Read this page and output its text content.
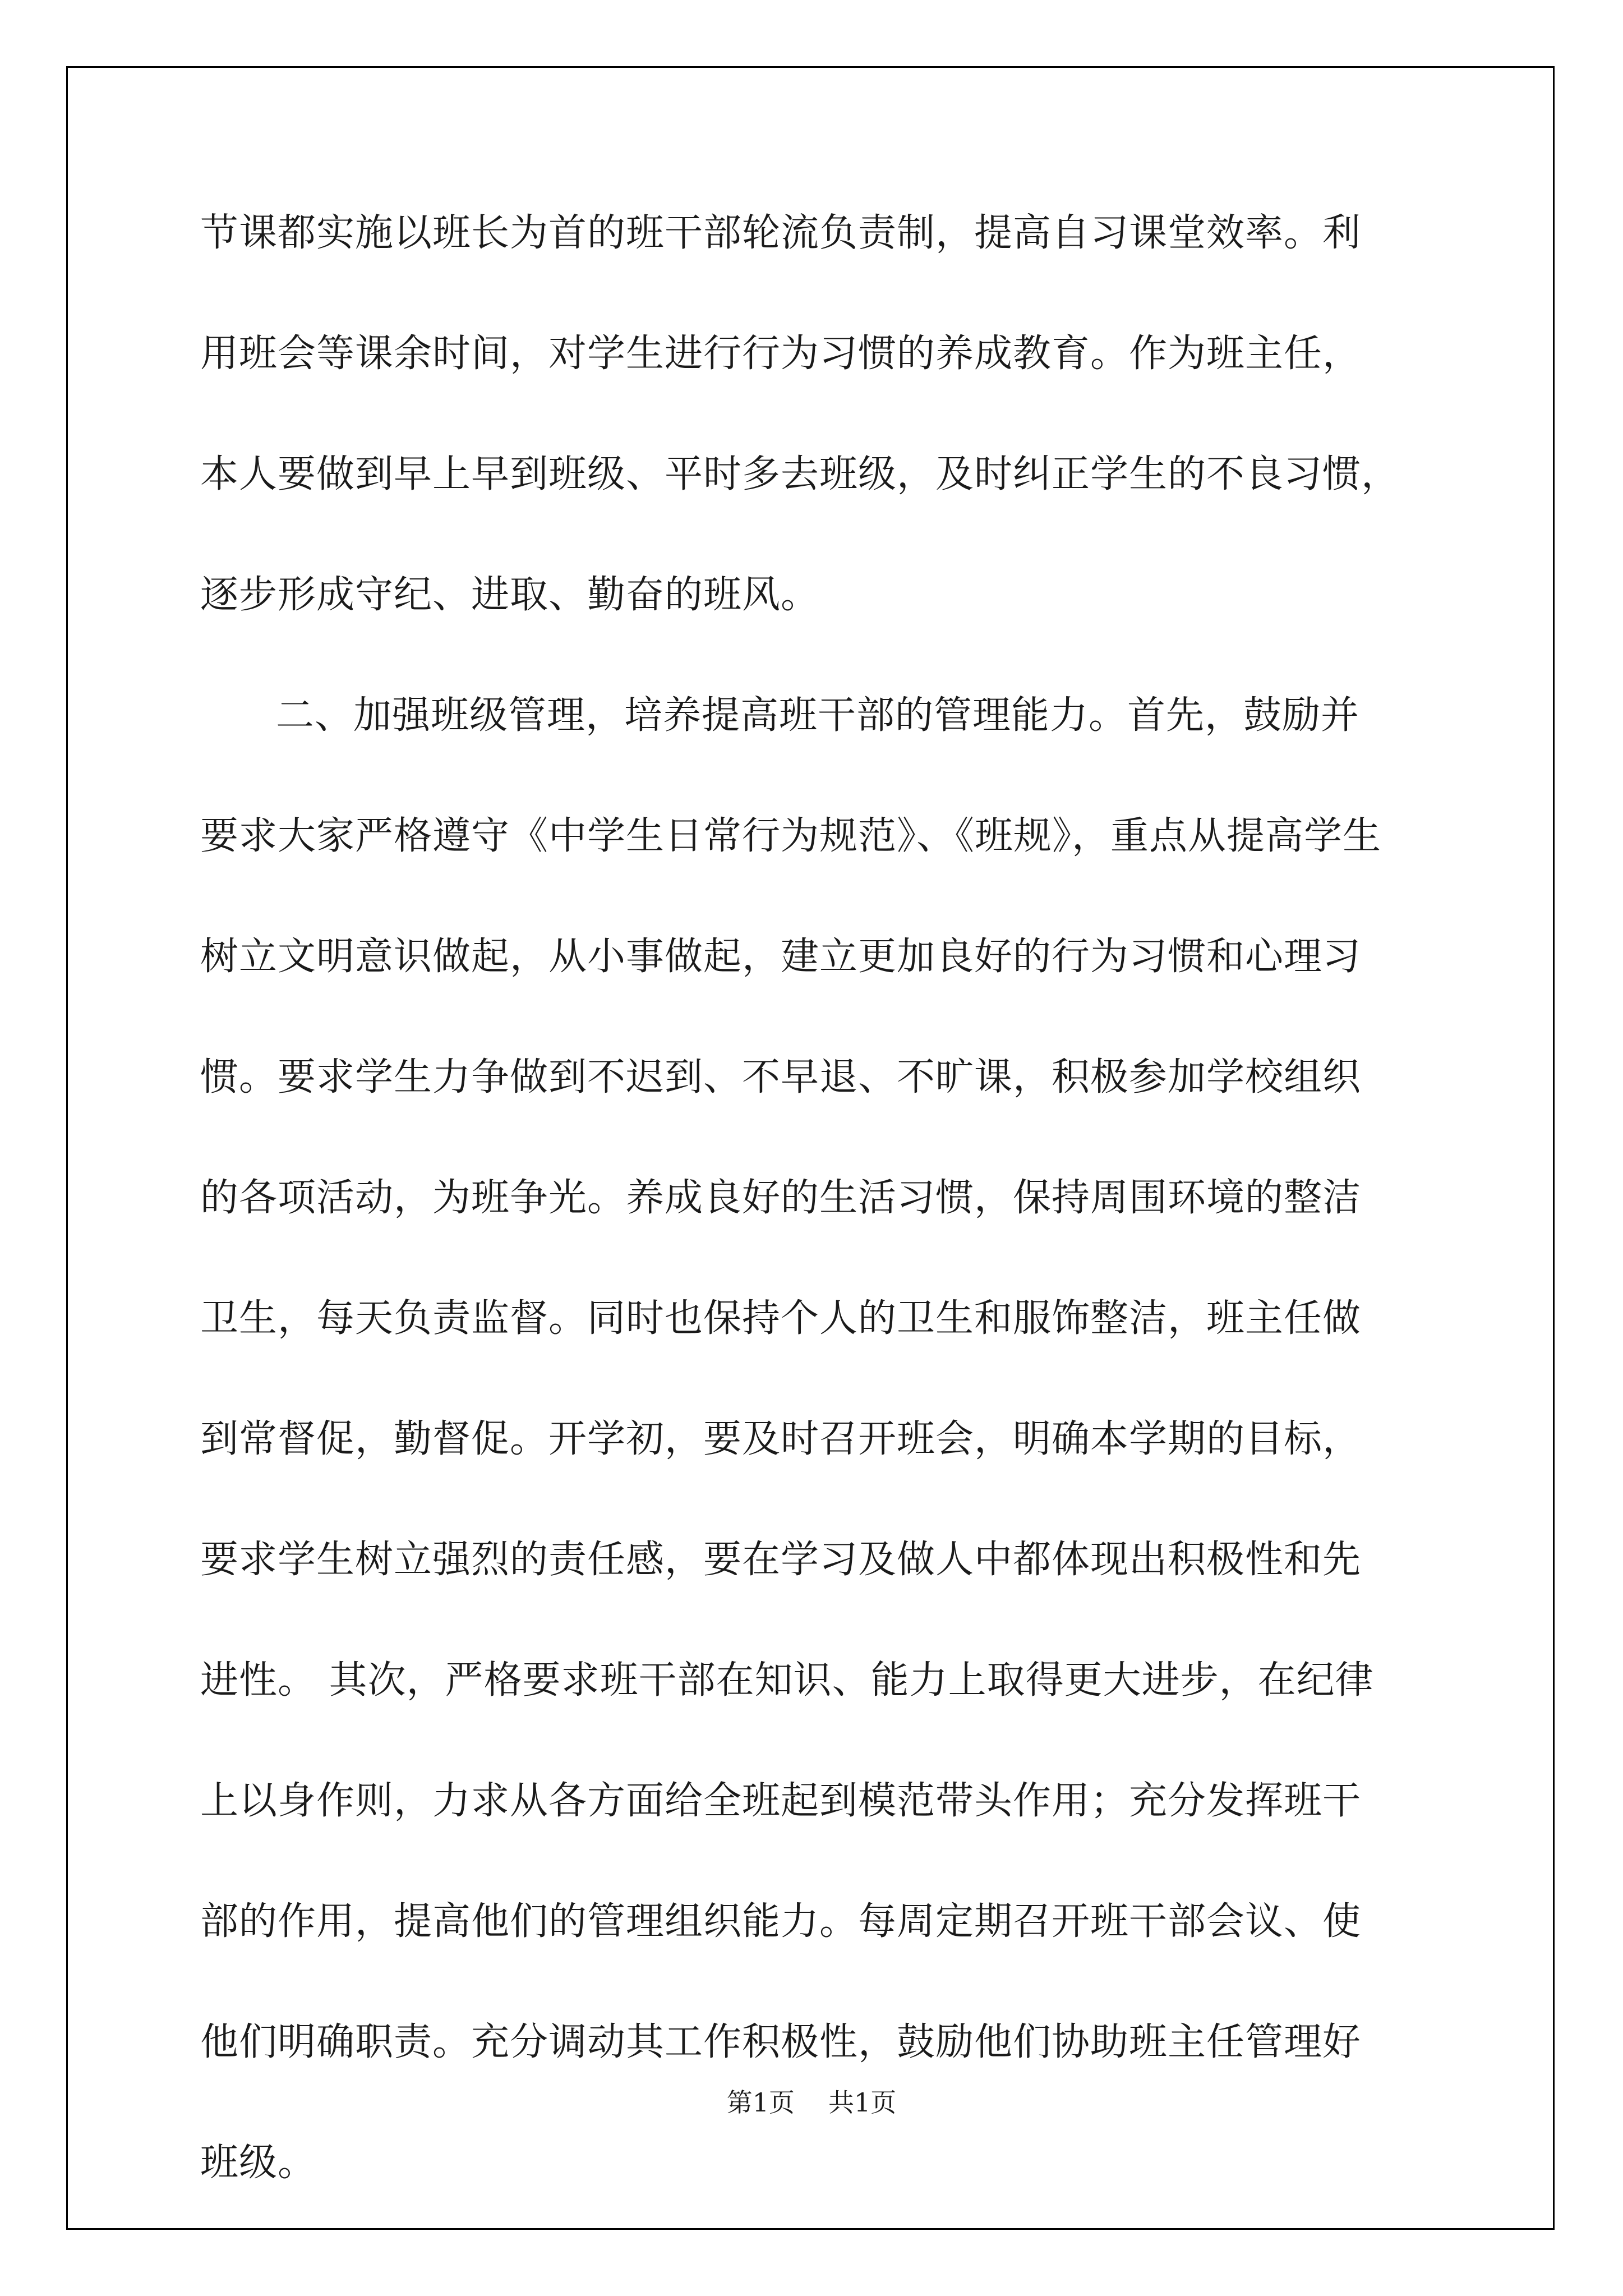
节课都实施以班长为首的班干部轮流负责制，提高自习课堂效率。利
用班会等课余时间，对学生进行行为习惯的养成教育。作为班主任，
本人要做到早上早到班级、平时多去班级，及时纠正学生的不良习惯，
逐步形成守纪、进取、勤奋的班风。
二、加强班级管理，培养提高班干部的管理能力。首先，鼓励并
要求大家严格遵守《中学生日常行为规范》、《班规》，重点从提高学生
树立文明意识做起，从小事做起，建立更加良好的行为习惯和心理习
惯。要求学生力争做到不迟到、不早退、不旷课，积极参加学校组织
的各项活动，为班争光。养成良好的生活习惯，保持周围环境的整洁
卫生，每天负责监督。同时也保持个人的卫生和服饰整洁，班主任做
到常督促，勤督促。开学初，要及时召开班会，明确本学期的目标，
要求学生树立强烈的责任感，要在学习及做人中都体现出积极性和先
进性。 其次，严格要求班干部在知识、能力上取得更大进步，在纪律
上以身作则，力求从各方面给全班起到模范带头作用；充分发挥班干
部的作用，提高他们的管理组织能力。每周定期召开班干部会议、使
他们明确职责。充分调动其工作积极性，鼓励他们协助班主任管理好
班级。
第1页 共1页
